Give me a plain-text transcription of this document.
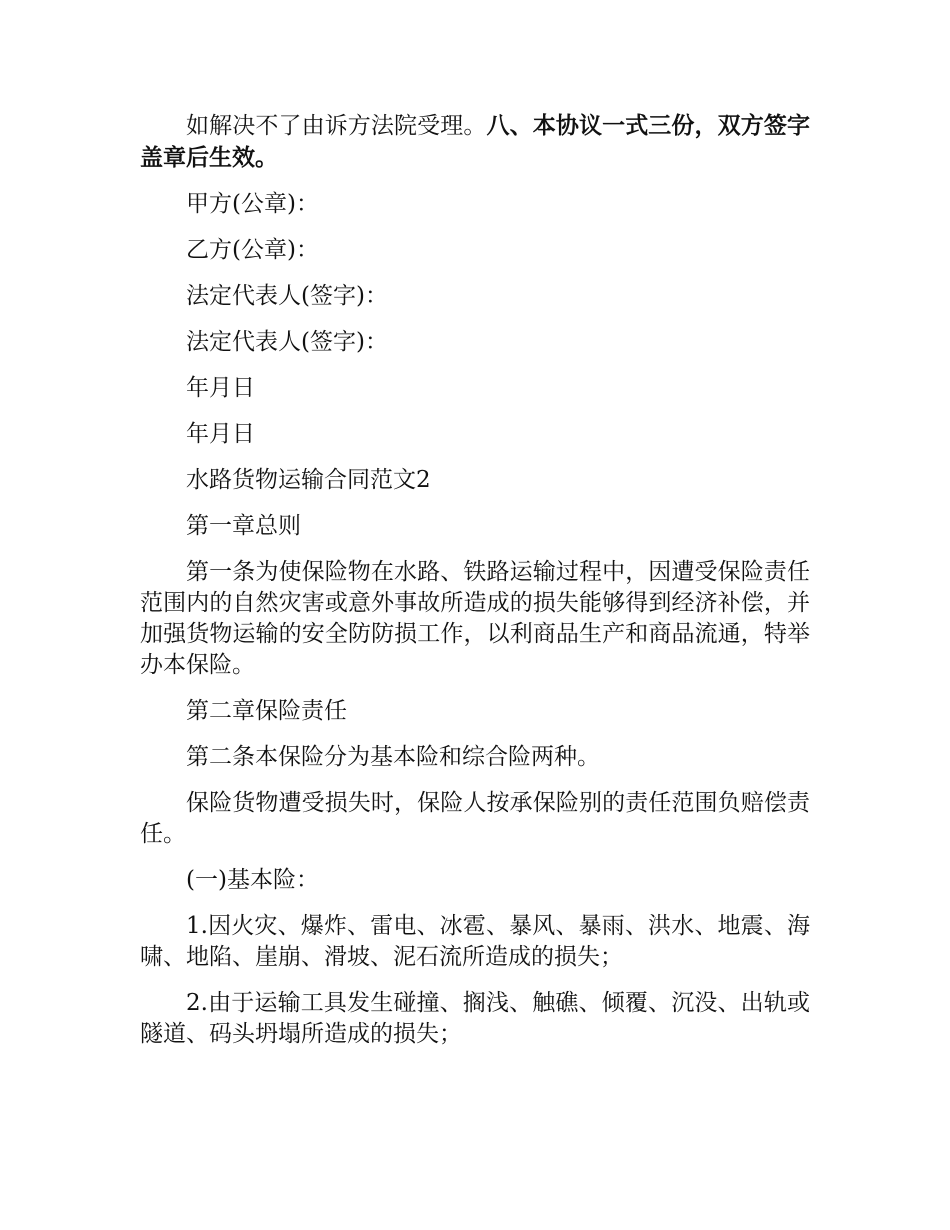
如解决不了由诉方法院受理。八、本协议一式三份，双方签字盖章后生效。

甲方(公章)：

乙方(公章)：

法定代表人(签字)：

法定代表人(签字)：

年月日

年月日

水路货物运输合同范文2

第一章总则

第一条为使保险物在水路、铁路运输过程中，因遭受保险责任范围内的自然灾害或意外事故所造成的损失能够得到经济补偿，并加强货物运输的安全防防损工作，以利商品生产和商品流通，特举办本保险。

第二章保险责任

第二条本保险分为基本险和综合险两种。

保险货物遭受损失时，保险人按承保险别的责任范围负赔偿责任。

(一)基本险：

1.因火灾、爆炸、雷电、冰雹、暴风、暴雨、洪水、地震、海啸、地陷、崖崩、滑坡、泥石流所造成的损失；

2.由于运输工具发生碰撞、搁浅、触礁、倾覆、沉没、出轨或隧道、码头坍塌所造成的损失；
